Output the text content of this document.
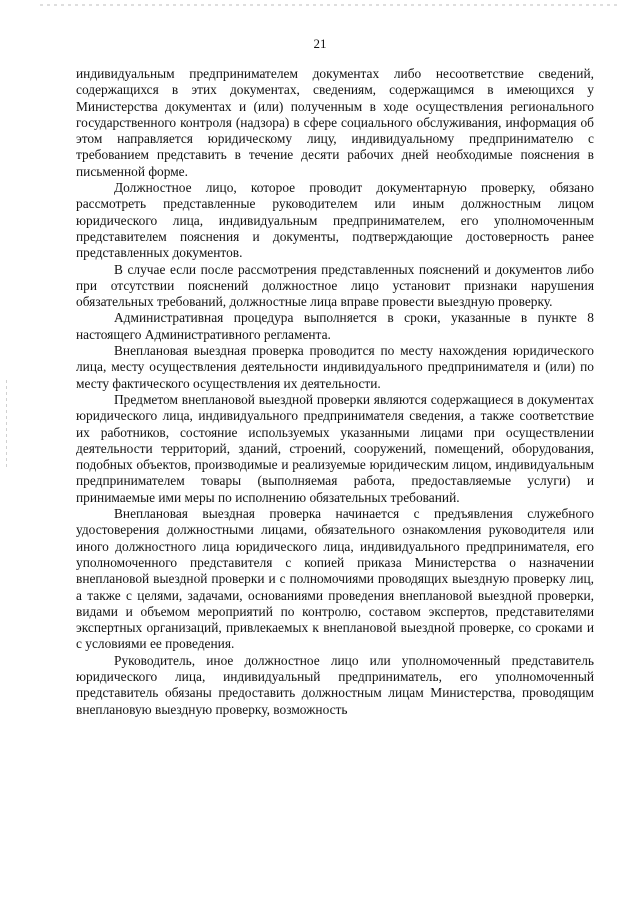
21

индивидуальным предпринимателем документах либо несоответствие сведений, содержащихся в этих документах, сведениям, содержащимся в имеющихся у Министерства документах и (или) полученным в ходе осуществления регионального государственного контроля (надзора) в сфере социального обслуживания, информация об этом направляется юридическому лицу, индивидуальному предпринимателю с требованием представить в течение десяти рабочих дней необходимые пояснения в письменной форме.

Должностное лицо, которое проводит документарную проверку, обязано рассмотреть представленные руководителем или иным должностным лицом юридического лица, индивидуальным предпринимателем, его уполномоченным представителем пояснения и документы, подтверждающие достоверность ранее представленных документов.

В случае если после рассмотрения представленных пояснений и документов либо при отсутствии пояснений должностное лицо установит признаки нарушения обязательных требований, должностные лица вправе провести выездную проверку.

Административная процедура выполняется в сроки, указанные в пункте 8 настоящего Административного регламента.

Внеплановая выездная проверка проводится по месту нахождения юридического лица, месту осуществления деятельности индивидуального предпринимателя и (или) по месту фактического осуществления их деятельности.

Предметом внеплановой выездной проверки являются содержащиеся в документах юридического лица, индивидуального предпринимателя сведения, а также соответствие их работников, состояние используемых указанными лицами при осуществлении деятельности территорий, зданий, строений, сооружений, помещений, оборудования, подобных объектов, производимые и реализуемые юридическим лицом, индивидуальным предпринимателем товары (выполняемая работа, предоставляемые услуги) и принимаемые ими меры по исполнению обязательных требований.

Внеплановая выездная проверка начинается с предъявления служебного удостоверения должностными лицами, обязательного ознакомления руководителя или иного должностного лица юридического лица, индивидуального предпринимателя, его уполномоченного представителя с копией приказа Министерства о назначении внеплановой выездной проверки и с полномочиями проводящих выездную проверку лиц, а также с целями, задачами, основаниями проведения внеплановой выездной проверки, видами и объемом мероприятий по контролю, составом экспертов, представителями экспертных организаций, привлекаемых к внеплановой выездной проверке, со сроками и с условиями ее проведения.

Руководитель, иное должностное лицо или уполномоченный представитель юридического лица, индивидуальный предприниматель, его уполномоченный представитель обязаны предоставить должностным лицам Министерства, проводящим внеплановую выездную проверку, возможность
